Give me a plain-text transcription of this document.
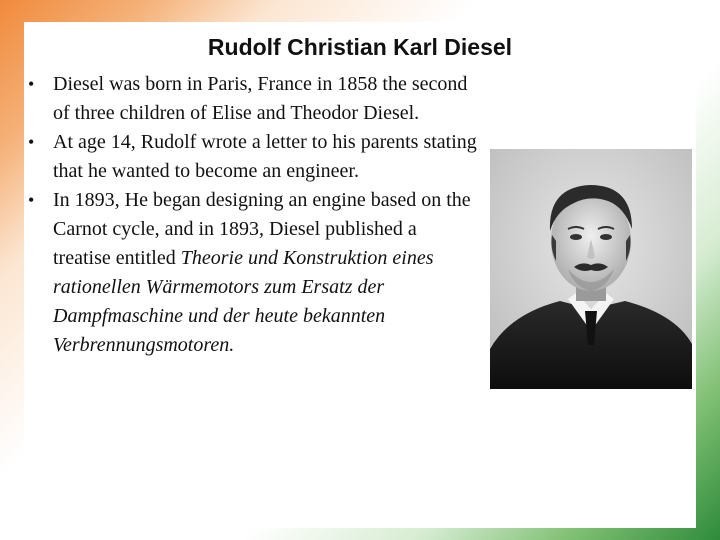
Rudolf Christian Karl Diesel
• Diesel was born in Paris, France in 1858 the second of three children of Elise and Theodor Diesel.
• At age 14, Rudolf wrote a letter to his parents stating that he wanted to become an engineer.
• In 1893, He began designing an engine based on the Carnot cycle, and in 1893, Diesel published a treatise entitled Theorie und Konstruktion eines rationellen Wärmemotors zum Ersatz der Dampfmaschine und der heute bekannten Verbrennungsmotoren.
